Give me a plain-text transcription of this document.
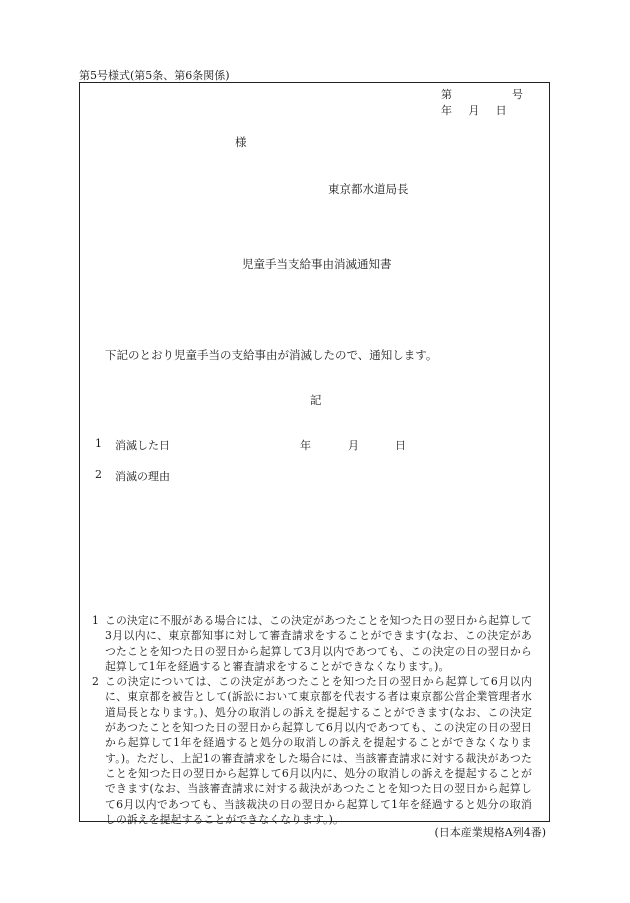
第5号様式(第5条、第6条関係)
第	号
年	月	日
様
東京都水道局長
児童手当支給事由消滅通知書
下記のとおり児童手当の支給事由が消滅したので、通知します。
記
1 消滅した日	年	月	日
2 消滅の理由
1 この決定に不服がある場合には、この決定があつたことを知つた日の翌日から起算して3月以内に、東京都知事に対して審査請求をすることができます(なお、この決定があつたことを知つた日の翌日から起算して3月以内であつても、この決定の日の翌日から起算して1年を経過すると審査請求をすることができなくなります。)。
2 この決定については、この決定があつたことを知つた日の翌日から起算して6月以内に、東京都を被告として(訴訟において東京都を代表する者は東京都公営企業管理者水道局長となります。)、処分の取消しの訴えを提起することができます(なお、この決定があつたことを知つた日の翌日から起算して6月以内であつても、この決定の日の翌日から起算して1年を経過すると処分の取消しの訴えを提起することができなくなります。)。ただし、上記1の審査請求をした場合には、当該審査請求に対する裁決があつたことを知つた日の翌日から起算して6月以内に、処分の取消しの訴えを提起することができます(なお、当該審査請求に対する裁決があつたことを知つた日の翌日から起算して6月以内であつても、当該裁決の日の翌日から起算して1年を経過すると処分の取消しの訴えを提起することができなくなります。)。
(日本産業規格A列4番)
